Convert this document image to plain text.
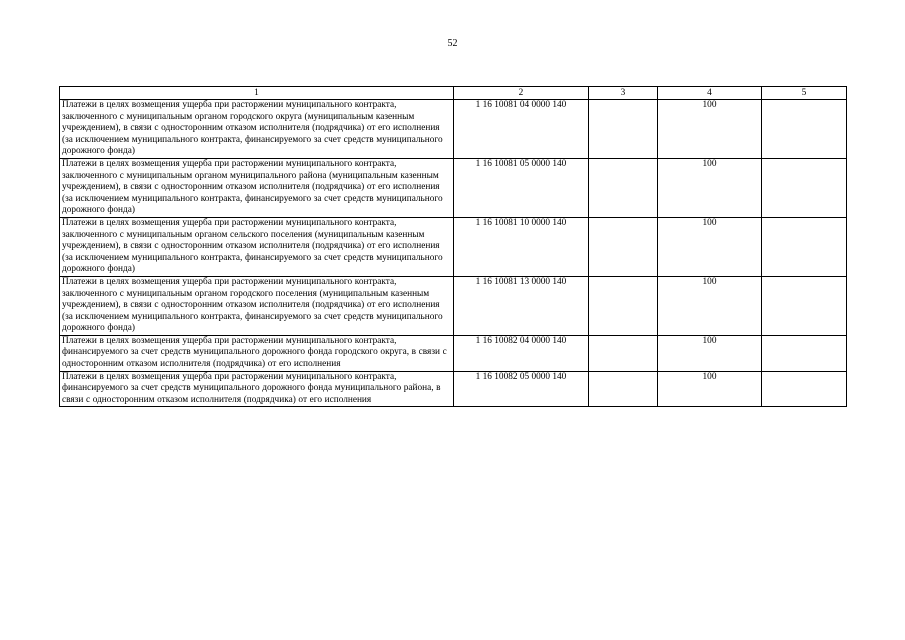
52
1	2	3	4	5
Платежи в целях возмещения ущерба при расторжении муниципального контракта, заключенного с муниципальным органом городского округа (муниципальным казенным учреждением), в связи с односторонним отказом исполнителя (подрядчика) от его исполнения (за исключением муниципального контракта, финансируемого за счет средств муниципального дорожного фонда)	1 16 10081 04 0000 140		100	
Платежи в целях возмещения ущерба при расторжении муниципального контракта, заключенного с муниципальным органом муниципального района (муниципальным казенным учреждением), в связи с односторонним отказом исполнителя (подрядчика) от его исполнения (за исключением муниципального контракта, финансируемого за счет средств муниципального дорожного фонда)	1 16 10081 05 0000 140		100	
Платежи в целях возмещения ущерба при расторжении муниципального контракта, заключенного с муниципальным органом сельского поселения (муниципальным казенным учреждением), в связи с односторонним отказом исполнителя (подрядчика) от его исполнения (за исключением муниципального контракта, финансируемого за счет средств муниципального дорожного фонда)	1 16 10081 10 0000 140		100	
Платежи в целях возмещения ущерба при расторжении муниципального контракта, заключенного с муниципальным органом городского поселения (муниципальным казенным учреждением), в связи с односторонним отказом исполнителя (подрядчика) от его исполнения (за исключением муниципального контракта, финансируемого за счет средств муниципального дорожного фонда)	1 16 10081 13 0000 140		100	
Платежи в целях возмещения ущерба при расторжении муниципального контракта, финансируемого за счет средств муниципального дорожного фонда городского округа, в связи с односторонним отказом исполнителя (подрядчика) от его исполнения	1 16 10082 04 0000 140		100	
Платежи в целях возмещения ущерба при расторжении муниципального контракта, финансируемого за счет средств муниципального дорожного фонда муниципального района, в связи с односторонним отказом исполнителя (подрядчика) от его исполнения	1 16 10082 05 0000 140		100	
